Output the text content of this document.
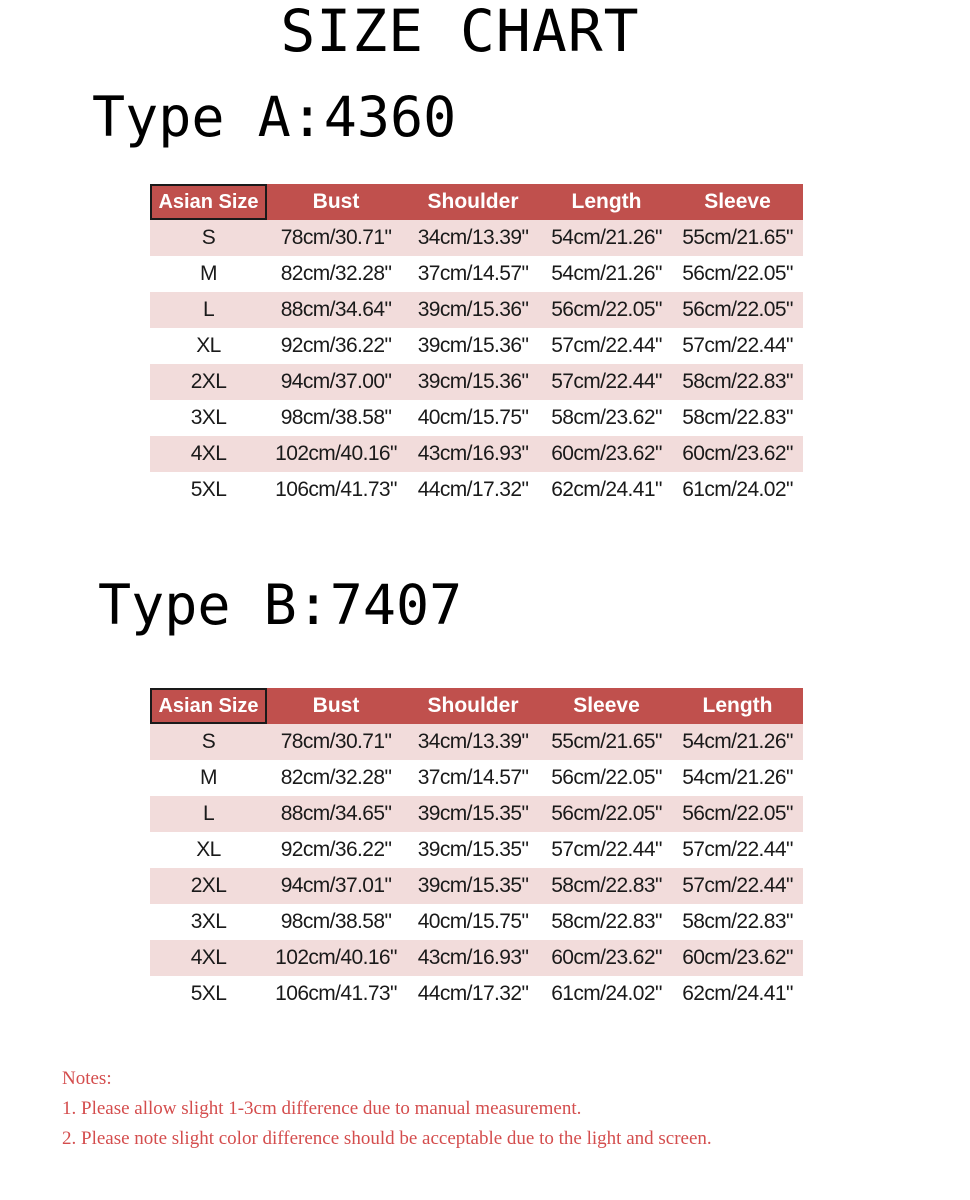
SIZE CHART
Type A:4360
Asian Size	Bust	Shoulder	Length	Sleeve
S	78cm/30.71"	34cm/13.39"	54cm/21.26"	55cm/21.65"
M	82cm/32.28"	37cm/14.57"	54cm/21.26"	56cm/22.05"
L	88cm/34.64"	39cm/15.36"	56cm/22.05"	56cm/22.05"
XL	92cm/36.22"	39cm/15.36"	57cm/22.44"	57cm/22.44"
2XL	94cm/37.00"	39cm/15.36"	57cm/22.44"	58cm/22.83"
3XL	98cm/38.58"	40cm/15.75"	58cm/23.62"	58cm/22.83"
4XL	102cm/40.16"	43cm/16.93"	60cm/23.62"	60cm/23.62"
5XL	106cm/41.73"	44cm/17.32"	62cm/24.41"	61cm/24.02"
Type B:7407
Asian Size	Bust	Shoulder	Sleeve	Length
S	78cm/30.71"	34cm/13.39"	55cm/21.65"	54cm/21.26"
M	82cm/32.28"	37cm/14.57"	56cm/22.05"	54cm/21.26"
L	88cm/34.65"	39cm/15.35"	56cm/22.05"	56cm/22.05"
XL	92cm/36.22"	39cm/15.35"	57cm/22.44"	57cm/22.44"
2XL	94cm/37.01"	39cm/15.35"	58cm/22.83"	57cm/22.44"
3XL	98cm/38.58"	40cm/15.75"	58cm/22.83"	58cm/22.83"
4XL	102cm/40.16"	43cm/16.93"	60cm/23.62"	60cm/23.62"
5XL	106cm/41.73"	44cm/17.32"	61cm/24.02"	62cm/24.41"
Notes:
1. Please allow slight 1-3cm difference due to manual measurement.
2. Please note slight color difference should be acceptable due to the light and screen.
